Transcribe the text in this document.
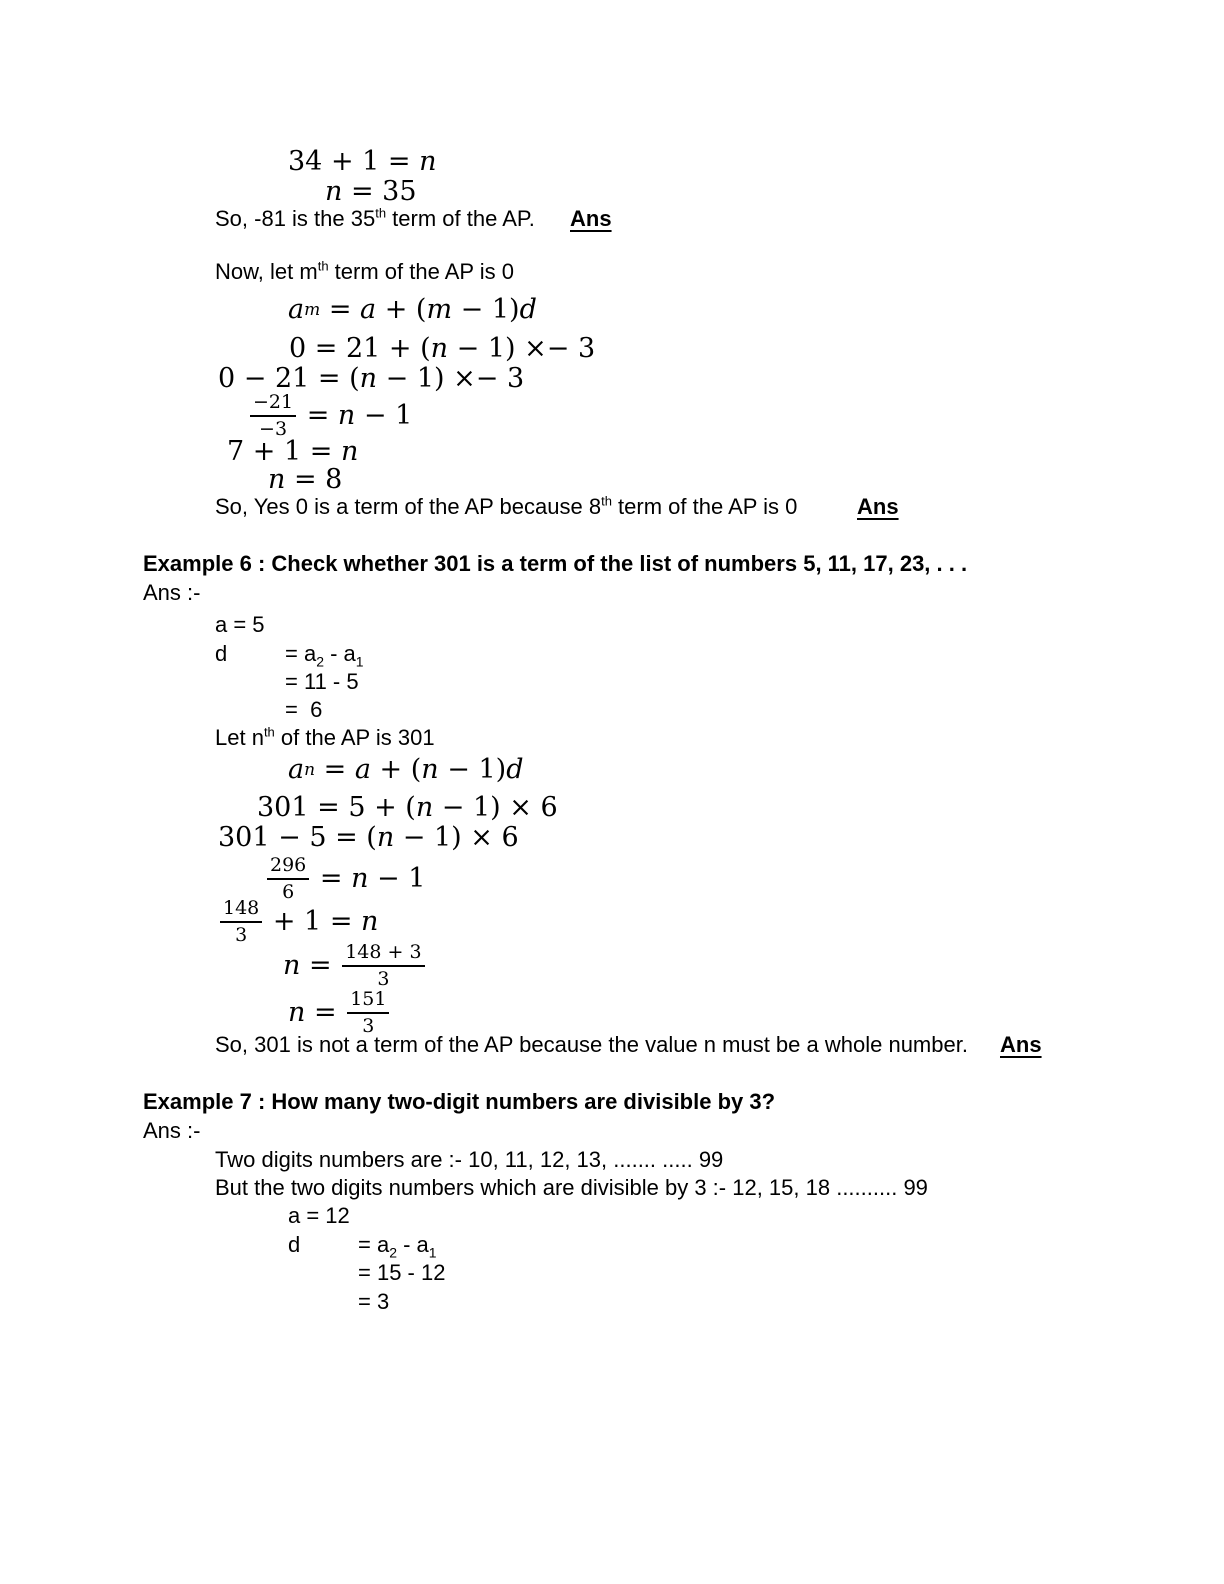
34 + 1 = n
n = 35
So, -81 is the 35th term of the AP. Ans
Now, let $m^{th}$ term of the AP is 0
a m = a + ( m − 1) d
0 = 21 + ( n − 1) ×− 3
0 − 21 = ( n − 1) ×− 3
$\frac{-21}{-3} = n - 1$
7 + 1 = n
n = 8
So, Yes 0 is a term of the AP because 8th term of the AP is 0	Ans
Example 6 : Check whether 301 is a term of the list of numbers 5, 11, 17, 23, . . .
Ans :-
a = 5
d	= $a_2 - a_1$
= 11 - 5
=  6
Let $n^{th}$ of the AP is 301
a n = a + ( n − 1) d
301 = 5 + ( n − 1) × 6
301 − 5 = ( n − 1) × 6
$\frac{296}{6} = n - 1$
$\frac{148}{3} + 1 = n$
$n = \frac{148 + 3}{3}$
$n = \frac{151}{3}$
So, 301 is not a term of the AP because the value n must be a whole number. Ans
Example 7 : How many two-digit numbers are divisible by 3?
Ans :-
Two digits numbers are :- 10, 11, 12, 13, ....... ..... 99
But the two digits numbers which are divisible by 3 :- 12, 15, 18 .......... 99
a = 12
d	= $a_2 - a_1$
= 15 - 12
= 3
